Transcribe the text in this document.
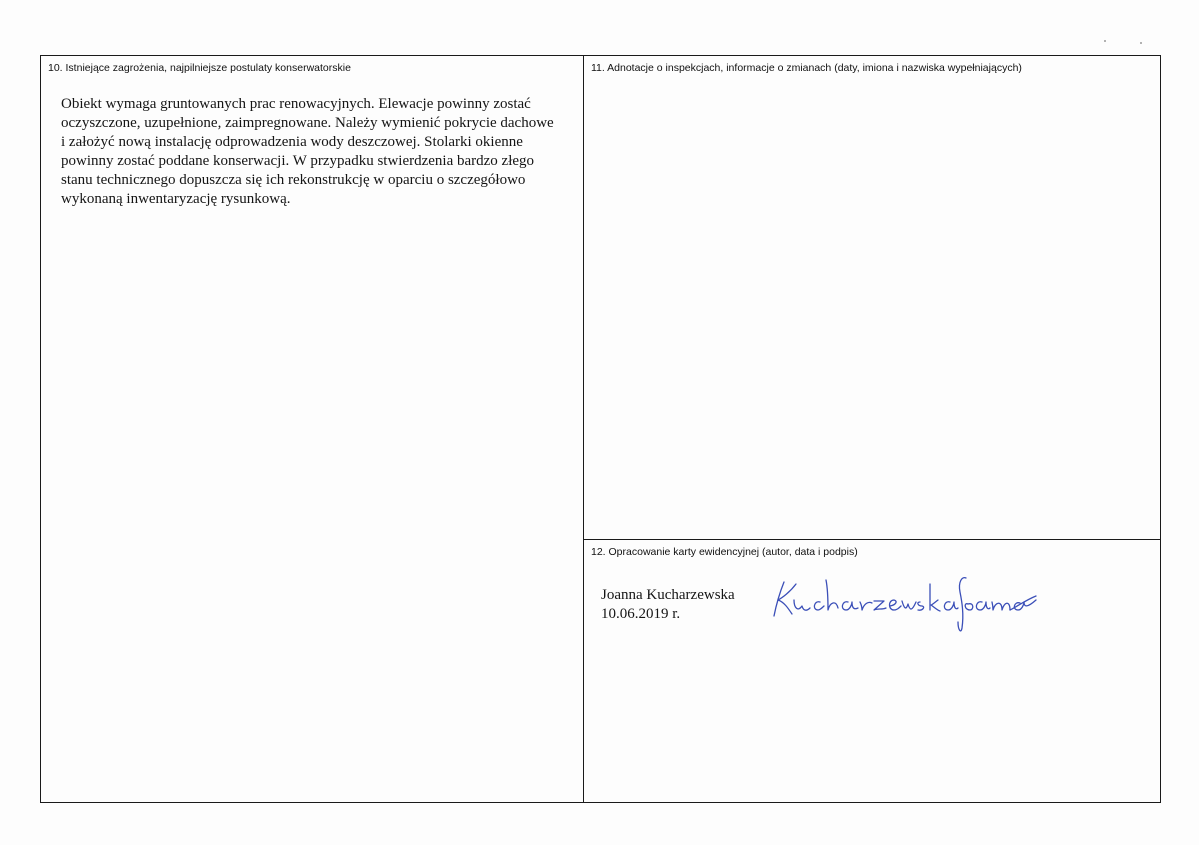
10. Istniejące zagrożenia, najpilniejsze postulaty konserwatorskie
Obiekt wymaga gruntowanych prac renowacyjnych. Elewacje powinny zostać oczyszczone, uzupełnione, zaimpregnowane. Należy wymienić pokrycie dachowe i założyć nową instalację odprowadzenia wody deszczowej. Stolarki okienne powinny zostać poddane konserwacji. W przypadku stwierdzenia bardzo złego stanu technicznego dopuszcza się ich rekonstrukcję w oparciu o szczegółowo wykonaną inwentaryzację rysunkową.
11. Adnotacje o inspekcjach, informacje o zmianach (daty, imiona i nazwiska wypełniających)
12. Opracowanie karty ewidencyjnej (autor, data i podpis)
Joanna Kucharzewska
10.06.2019 r.
Kucharzewska Joanna
